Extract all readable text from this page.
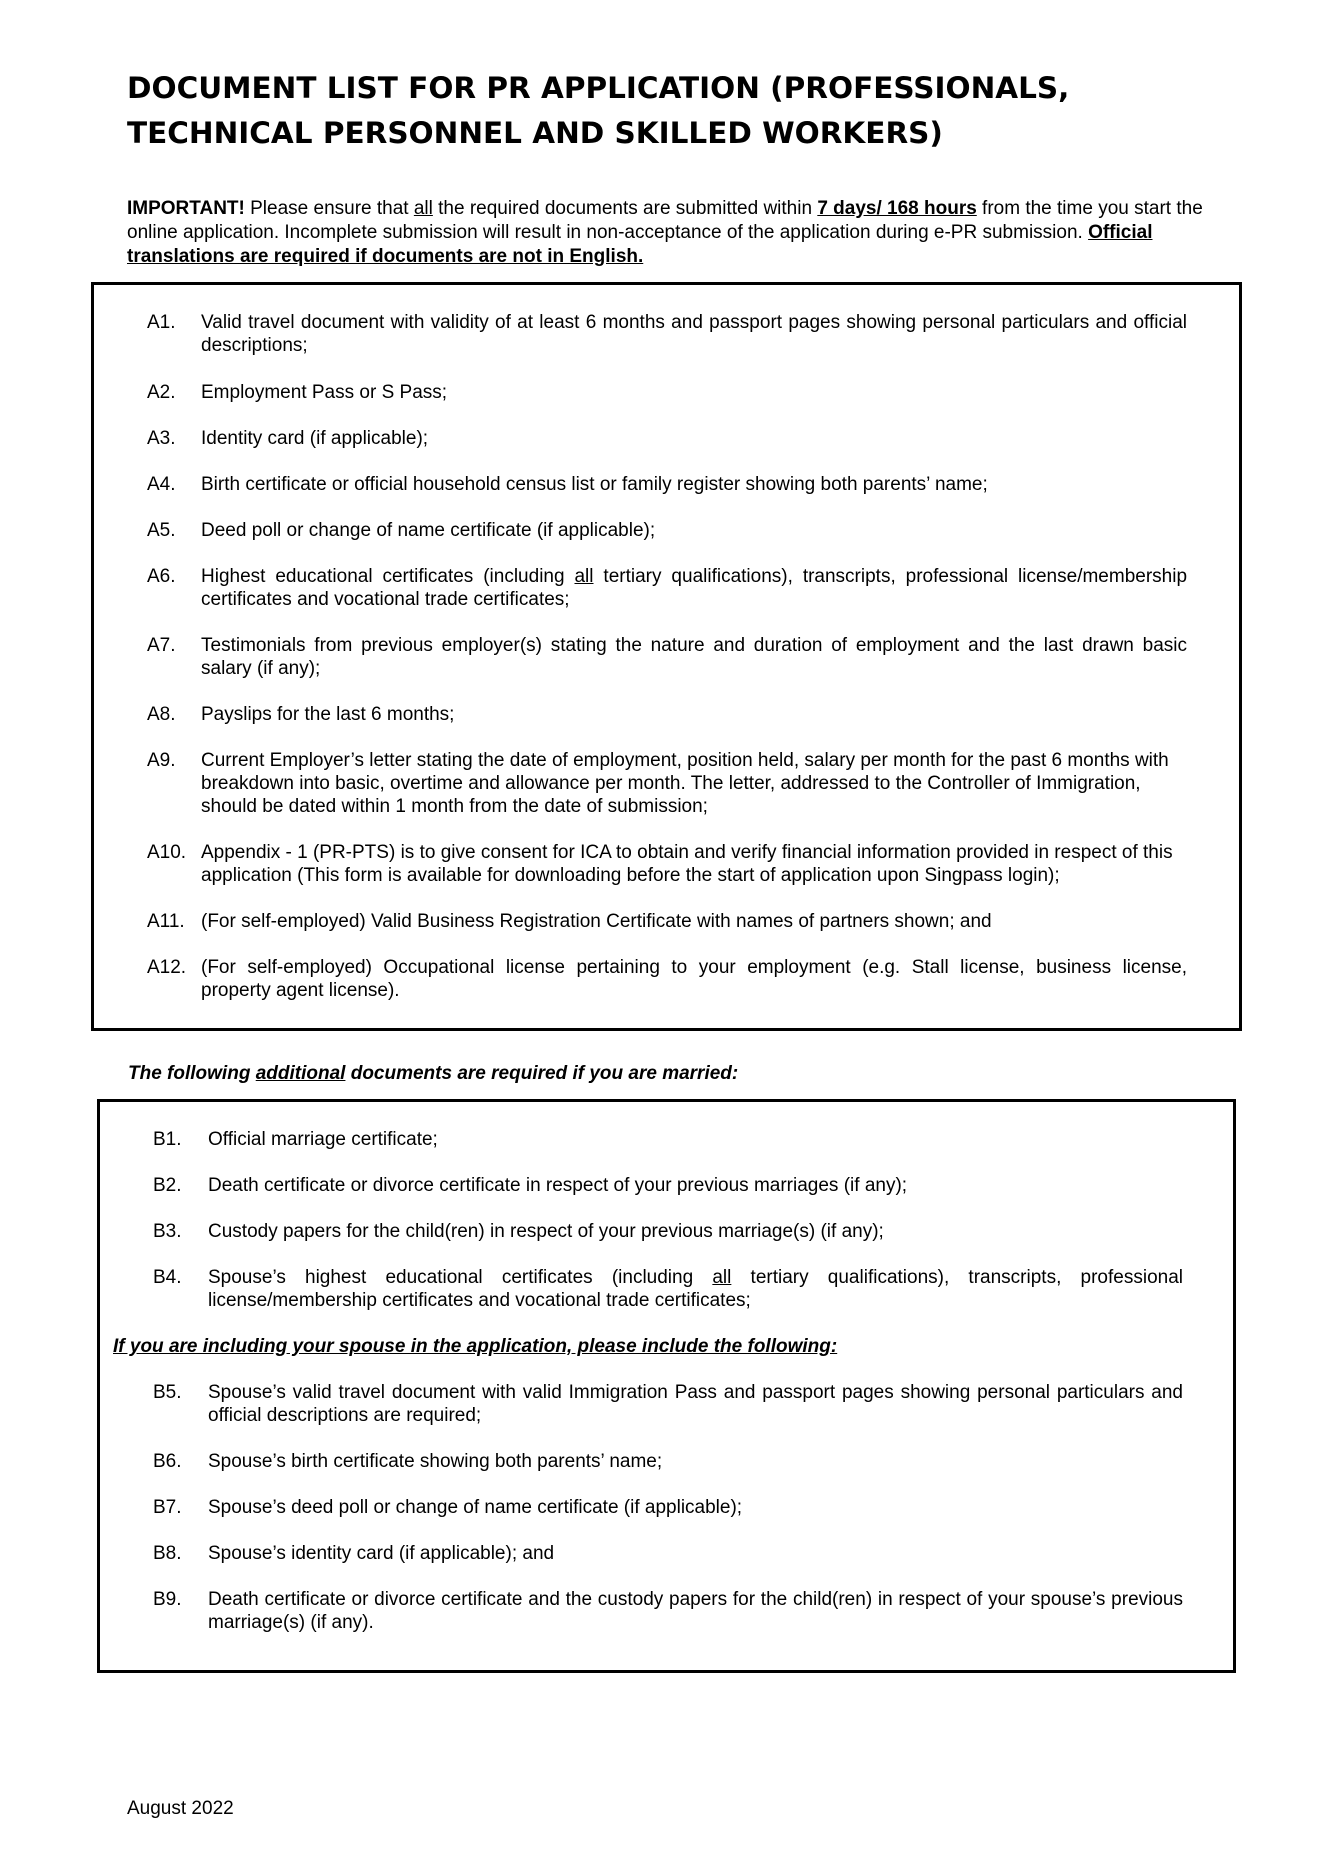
DOCUMENT LIST FOR PR APPLICATION (PROFESSIONALS,
TECHNICAL PERSONNEL AND SKILLED WORKERS)

IMPORTANT! Please ensure that all the required documents are submitted within 7 days/ 168 hours from the time you start the online application. Incomplete submission will result in non-acceptance of the application during e-PR submission. Official translations are required if documents are not in English.

A1. Valid travel document with validity of at least 6 months and passport pages showing personal particulars and official descriptions;
A2. Employment Pass or S Pass;
A3. Identity card (if applicable);
A4. Birth certificate or official household census list or family register showing both parents’ name;
A5. Deed poll or change of name certificate (if applicable);
A6. Highest educational certificates (including all tertiary qualifications), transcripts, professional license/membership certificates and vocational trade certificates;
A7. Testimonials from previous employer(s) stating the nature and duration of employment and the last drawn basic salary (if any);
A8. Payslips for the last 6 months;
A9. Current Employer’s letter stating the date of employment, position held, salary per month for the past 6 months with breakdown into basic, overtime and allowance per month. The letter, addressed to the Controller of Immigration, should be dated within 1 month from the date of submission;
A10. Appendix - 1 (PR-PTS) is to give consent for ICA to obtain and verify financial information provided in respect of this application (This form is available for downloading before the start of application upon Singpass login);
A11. (For self-employed) Valid Business Registration Certificate with names of partners shown; and
A12. (For self-employed) Occupational license pertaining to your employment (e.g. Stall license, business license, property agent license).
The following additional documents are required if you are married:
B1. Official marriage certificate;
B2. Death certificate or divorce certificate in respect of your previous marriages (if any);
B3. Custody papers for the child(ren) in respect of your previous marriage(s) (if any);
B4. Spouse’s highest educational certificates (including all tertiary qualifications), transcripts, professional license/membership certificates and vocational trade certificates;
If you are including your spouse in the application, please include the following:
B5. Spouse’s valid travel document with valid Immigration Pass and passport pages showing personal particulars and official descriptions are required;
B6. Spouse’s birth certificate showing both parents’ name;
B7. Spouse’s deed poll or change of name certificate (if applicable);
B8. Spouse’s identity card (if applicable); and
B9. Death certificate or divorce certificate and the custody papers for the child(ren) in respect of your spouse’s previous marriage(s) (if any).
August 2022
